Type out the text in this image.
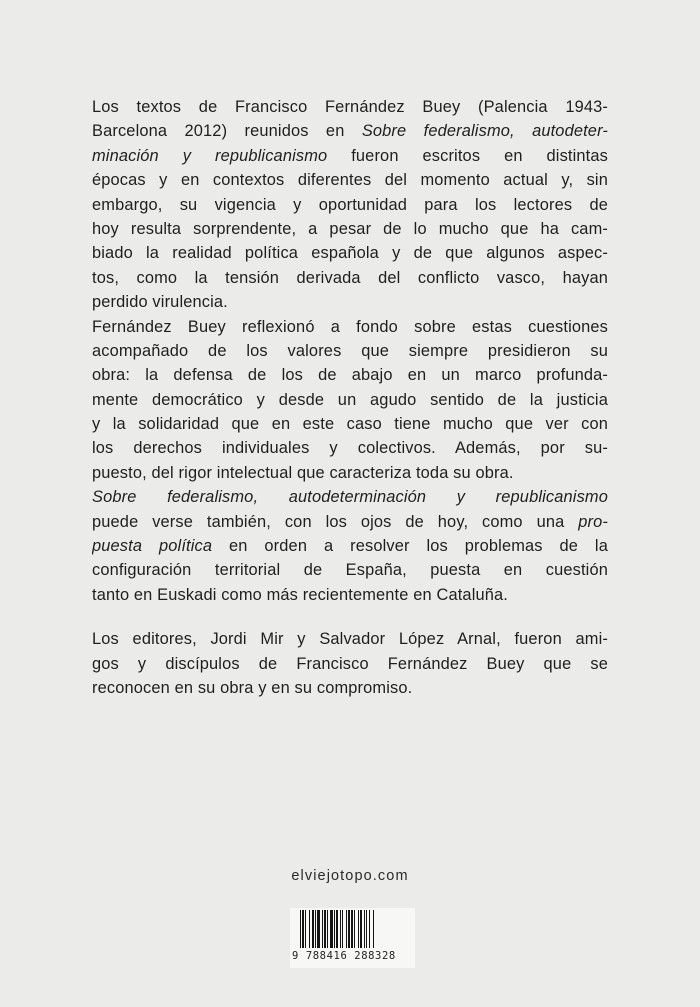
Los textos de Francisco Fernández Buey (Palencia 1943-
Barcelona 2012) reunidos en Sobre federalismo, autodeter-
minación y republicanismo fueron escritos en distintas
épocas y en contextos diferentes del momento actual y, sin
embargo, su vigencia y oportunidad para los lectores de
hoy resulta sorprendente, a pesar de lo mucho que ha cam-
biado la realidad política española y de que algunos aspec-
tos, como la tensión derivada del conflicto vasco, hayan
perdido virulencia.
Fernández Buey reflexionó a fondo sobre estas cuestiones
acompañado de los valores que siempre presidieron su
obra: la defensa de los de abajo en un marco profunda-
mente democrático y desde un agudo sentido de la justicia
y la solidaridad que en este caso tiene mucho que ver con
los derechos individuales y colectivos. Además, por su-
puesto, del rigor intelectual que caracteriza toda su obra.
Sobre federalismo, autodeterminación y republicanismo
puede verse también, con los ojos de hoy, como una pro-
puesta política en orden a resolver los problemas de la
configuración territorial de España, puesta en cuestión
tanto en Euskadi como más recientemente en Cataluña.
Los editores, Jordi Mir y Salvador López Arnal, fueron ami-
gos y discípulos de Francisco Fernández Buey que se
reconocen en su obra y en su compromiso.
elviejotopo.com
9 788416 288328
